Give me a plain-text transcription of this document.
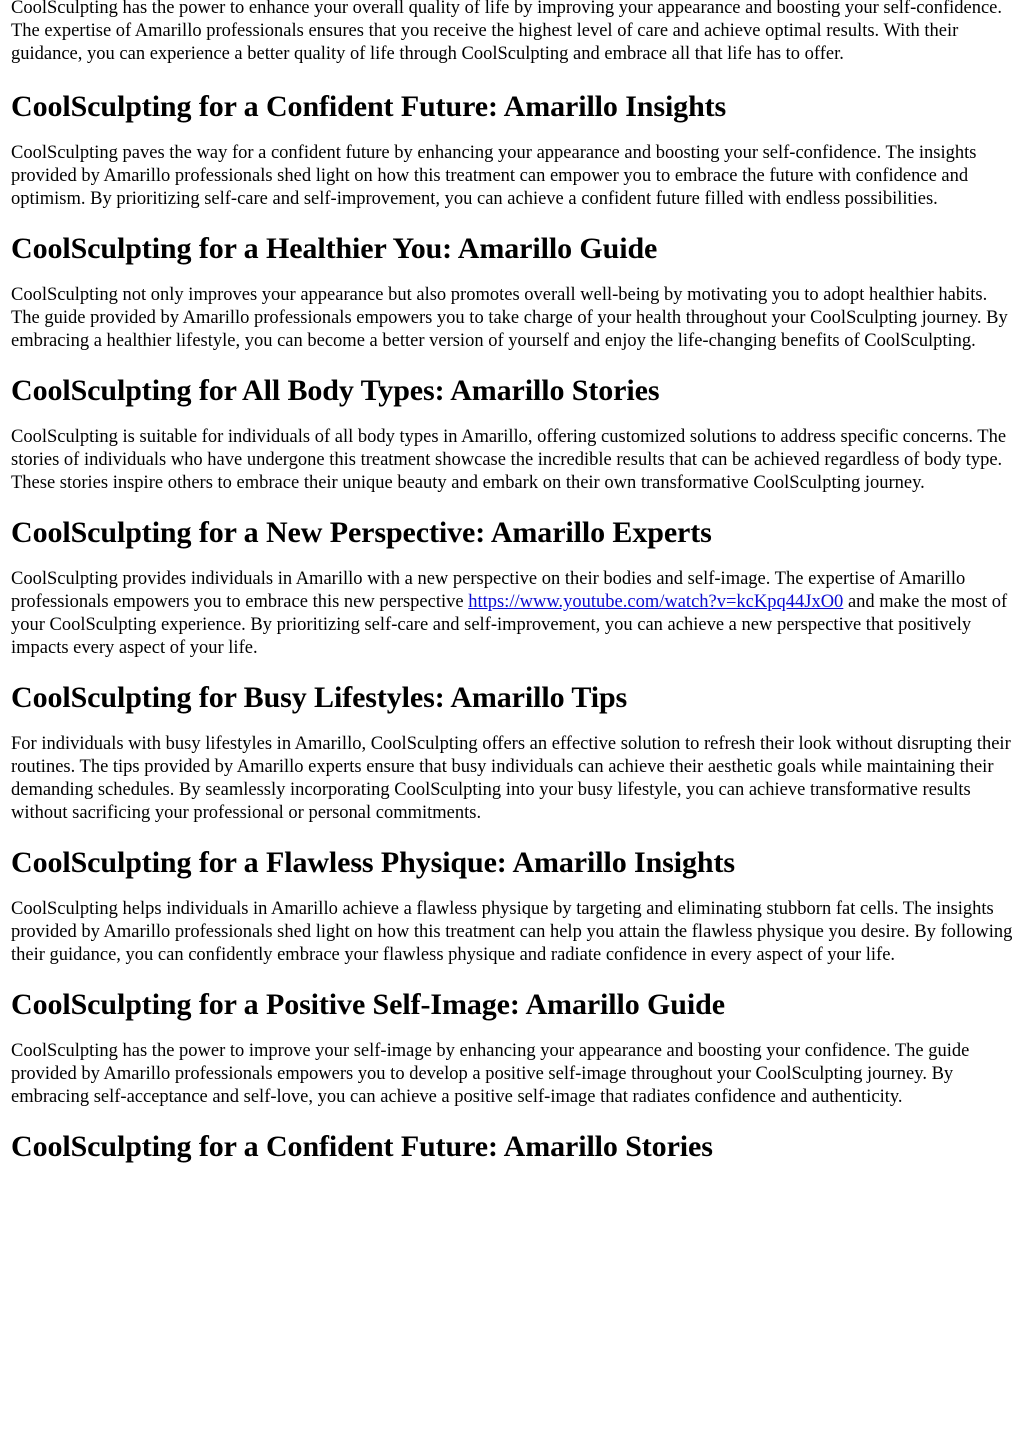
CoolSculpting has the power to enhance your overall quality of life by improving your appearance and boosting your self-confidence. The expertise of Amarillo professionals ensures that you receive the highest level of care and achieve optimal results. With their guidance, you can experience a better quality of life through CoolSculpting and embrace all that life has to offer.

CoolSculpting for a Confident Future: Amarillo Insights

CoolSculpting paves the way for a confident future by enhancing your appearance and boosting your self-confidence. The insights provided by Amarillo professionals shed light on how this treatment can empower you to embrace the future with confidence and optimism. By prioritizing self-care and self-improvement, you can achieve a confident future filled with endless possibilities.

CoolSculpting for a Healthier You: Amarillo Guide

CoolSculpting not only improves your appearance but also promotes overall well-being by motivating you to adopt healthier habits. The guide provided by Amarillo professionals empowers you to take charge of your health throughout your CoolSculpting journey. By embracing a healthier lifestyle, you can become a better version of yourself and enjoy the life-changing benefits of CoolSculpting.

CoolSculpting for All Body Types: Amarillo Stories

CoolSculpting is suitable for individuals of all body types in Amarillo, offering customized solutions to address specific concerns. The stories of individuals who have undergone this treatment showcase the incredible results that can be achieved regardless of body type. These stories inspire others to embrace their unique beauty and embark on their own transformative CoolSculpting journey.

CoolSculpting for a New Perspective: Amarillo Experts

CoolSculpting provides individuals in Amarillo with a new perspective on their bodies and self-image. The expertise of Amarillo professionals empowers you to embrace this new perspective https://www.youtube.com/watch?v=kcKpq44JxO0 and make the most of your CoolSculpting experience. By prioritizing self-care and self-improvement, you can achieve a new perspective that positively impacts every aspect of your life.

CoolSculpting for Busy Lifestyles: Amarillo Tips

For individuals with busy lifestyles in Amarillo, CoolSculpting offers an effective solution to refresh their look without disrupting their routines. The tips provided by Amarillo experts ensure that busy individuals can achieve their aesthetic goals while maintaining their demanding schedules. By seamlessly incorporating CoolSculpting into your busy lifestyle, you can achieve transformative results without sacrificing your professional or personal commitments.

CoolSculpting for a Flawless Physique: Amarillo Insights

CoolSculpting helps individuals in Amarillo achieve a flawless physique by targeting and eliminating stubborn fat cells. The insights provided by Amarillo professionals shed light on how this treatment can help you attain the flawless physique you desire. By following their guidance, you can confidently embrace your flawless physique and radiate confidence in every aspect of your life.

CoolSculpting for a Positive Self-Image: Amarillo Guide

CoolSculpting has the power to improve your self-image by enhancing your appearance and boosting your confidence. The guide provided by Amarillo professionals empowers you to develop a positive self-image throughout your CoolSculpting journey. By embracing self-acceptance and self-love, you can achieve a positive self-image that radiates confidence and authenticity.

CoolSculpting for a Confident Future: Amarillo Stories
